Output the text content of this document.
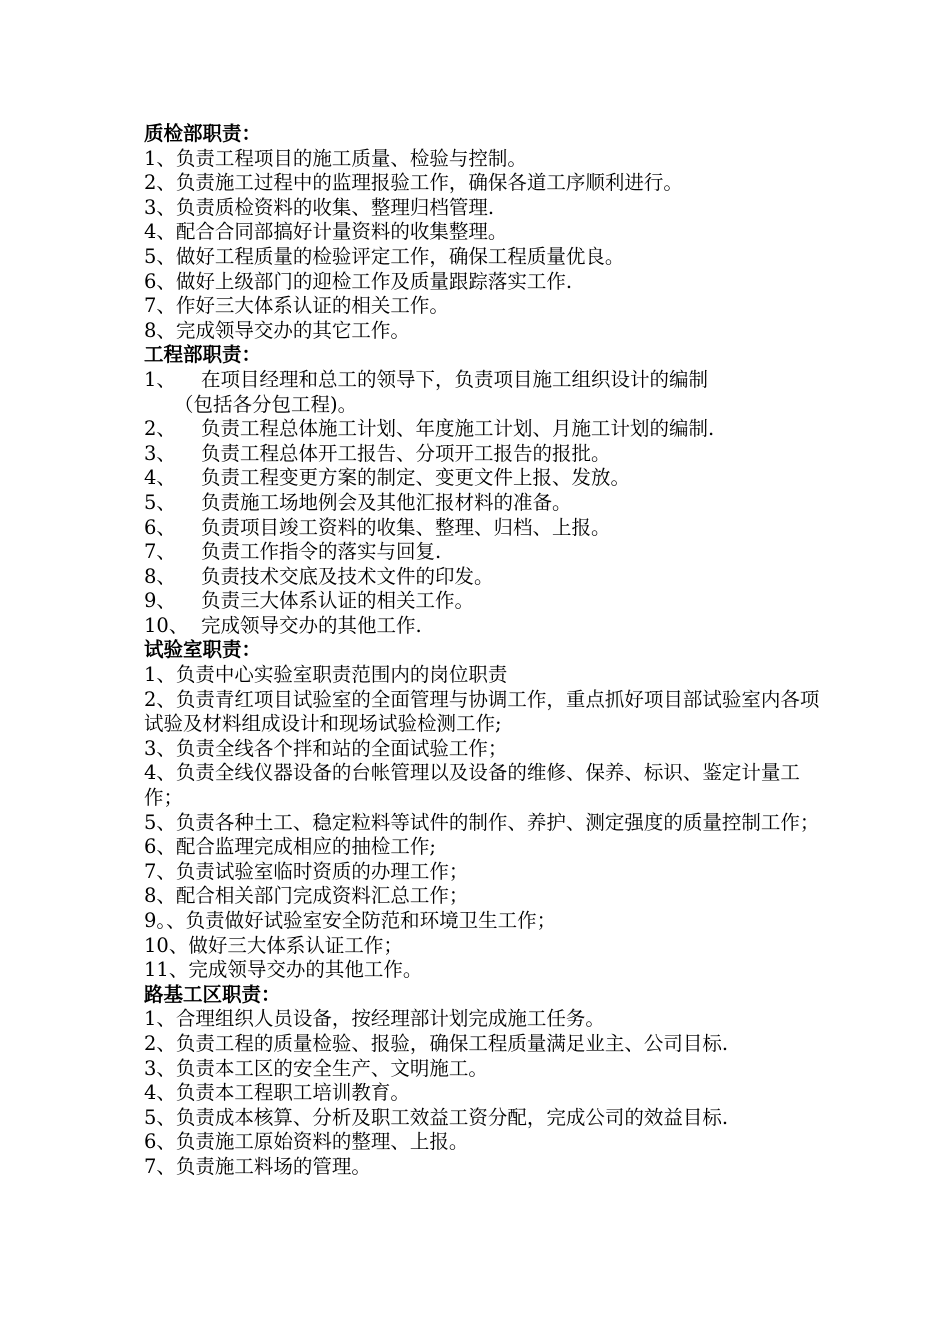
质检部职责：
1、负责工程项目的施工质量、检验与控制。
2、负责施工过程中的监理报验工作，确保各道工序顺利进行。
3、负责质检资料的收集、整理归档管理.
4、配合合同部搞好计量资料的收集整理。
5、做好工程质量的检验评定工作，确保工程质量优良。
6、做好上级部门的迎检工作及质量跟踪落实工作.
7、作好三大体系认证的相关工作。
8、完成领导交办的其它工作。
工程部职责：
1、	在项目经理和总工的领导下，负责项目施工组织设计的编制
（包括各分包工程)。
2、	负责工程总体施工计划、年度施工计划、月施工计划的编制.
3、	负责工程总体开工报告、分项开工报告的报批。
4、	负责工程变更方案的制定、变更文件上报、发放。
5、	负责施工场地例会及其他汇报材料的准备。
6、	负责项目竣工资料的收集、整理、归档、上报。
7、	负责工作指令的落实与回复.
8、	负责技术交底及技术文件的印发。
9、	负责三大体系认证的相关工作。
10、 完成领导交办的其他工作.
试验室职责：
1、负责中心实验室职责范围内的岗位职责
2、负责青红项目试验室的全面管理与协调工作，重点抓好项目部试验室内各项试验及材料组成设计和现场试验检测工作;
3、负责全线各个拌和站的全面试验工作；
4、负责全线仪器设备的台帐管理以及设备的维修、保养、标识、鉴定计量工作；
5、负责各种土工、稳定粒料等试件的制作、养护、测定强度的质量控制工作；
6、配合监理完成相应的抽检工作;
7、负责试验室临时资质的办理工作；
8、配合相关部门完成资料汇总工作；
9。、负责做好试验室安全防范和环境卫生工作；
10、做好三大体系认证工作；
11、完成领导交办的其他工作。
路基工区职责：
1、合理组织人员设备，按经理部计划完成施工任务。
2、负责工程的质量检验、报验，确保工程质量满足业主、公司目标.
3、负责本工区的安全生产、文明施工。
4、负责本工程职工培训教育。
5、负责成本核算、分析及职工效益工资分配，完成公司的效益目标.
6、负责施工原始资料的整理、上报。
7、负责施工料场的管理。
